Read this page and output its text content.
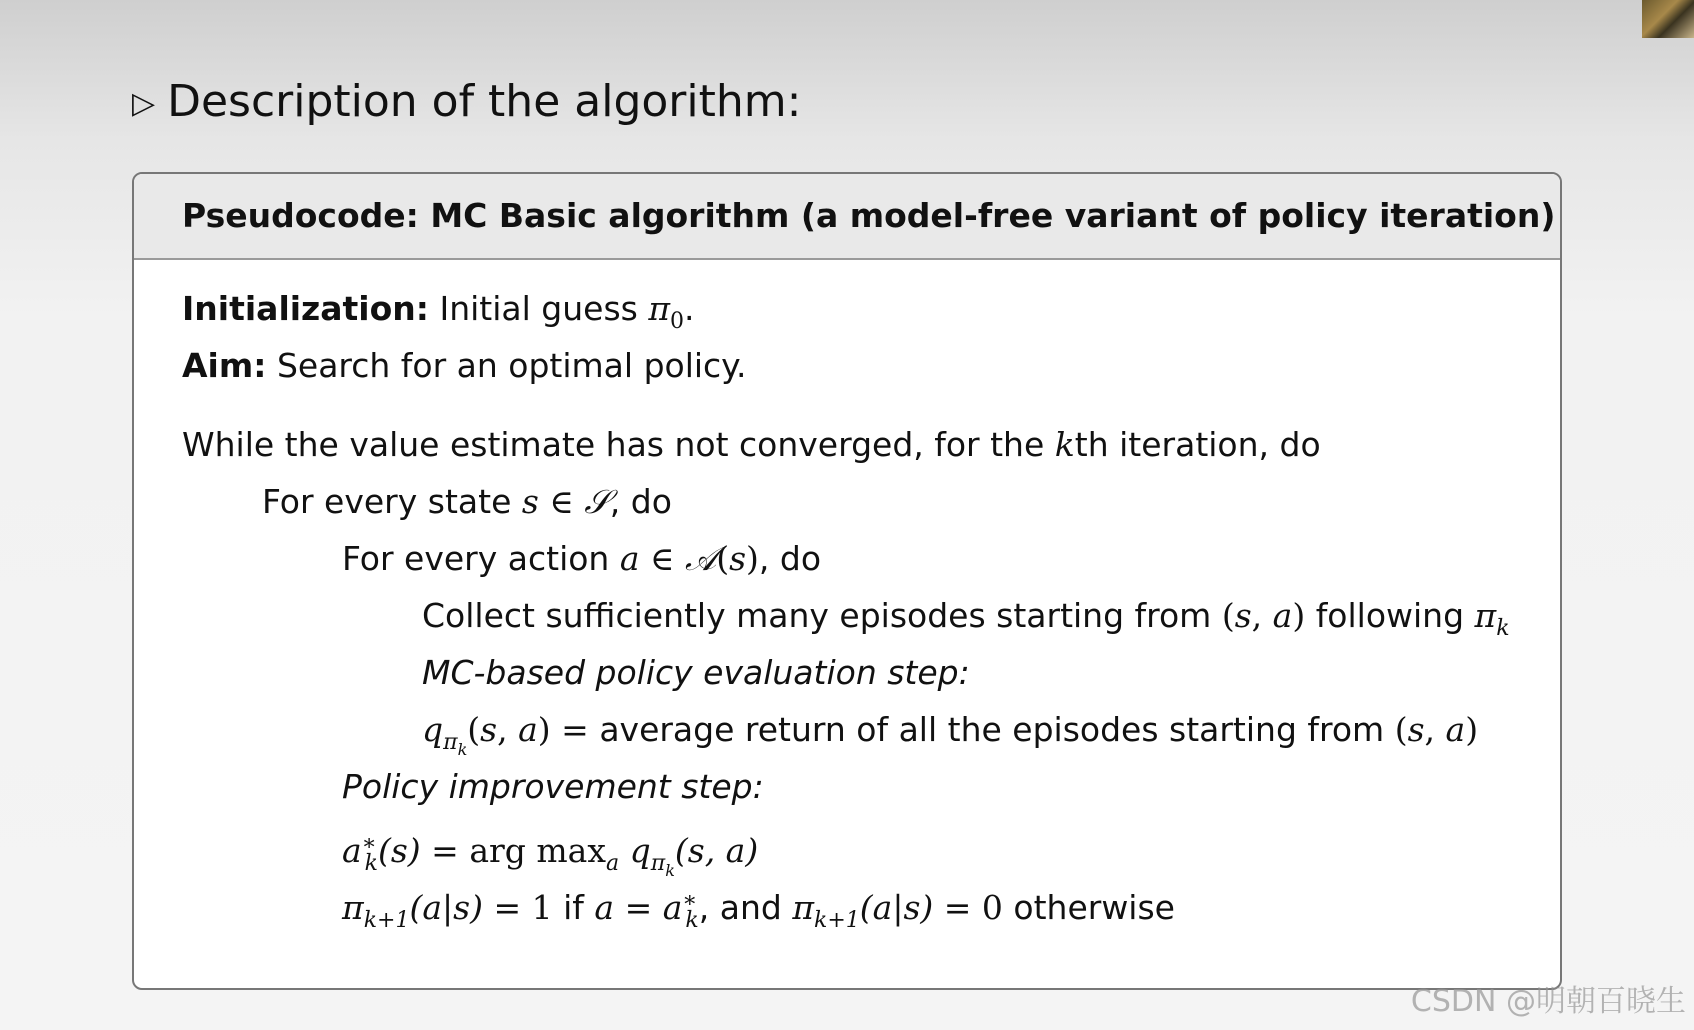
▷ Description of the algorithm:
Pseudocode: MC Basic algorithm (a model-free variant of policy iteration)
Initialization: Initial guess $\pi_0$.
Aim: Search for an optimal policy.
While the value estimate has not converged, for the kth iteration, do
For every state s ∈ 𝒮, do
For every action a ∈ 𝒜(s), do
Collect sufficiently many episodes starting from (s, a) following $\pi_k$
MC-based policy evaluation step:
$q_{\pi k}(s$, a) = average return of all the episodes starting from (s, a)
Policy improvement step:
$a^∗_k(s)$ = arg $\max_a q_{\pi k}(s$, a)
$\pi_{k+1}(a|s) = 1$ if $a = a^∗_k$, and $\pi_{k+1}(a|s) = 0$ otherwise
CSDN @明朝百晓生
